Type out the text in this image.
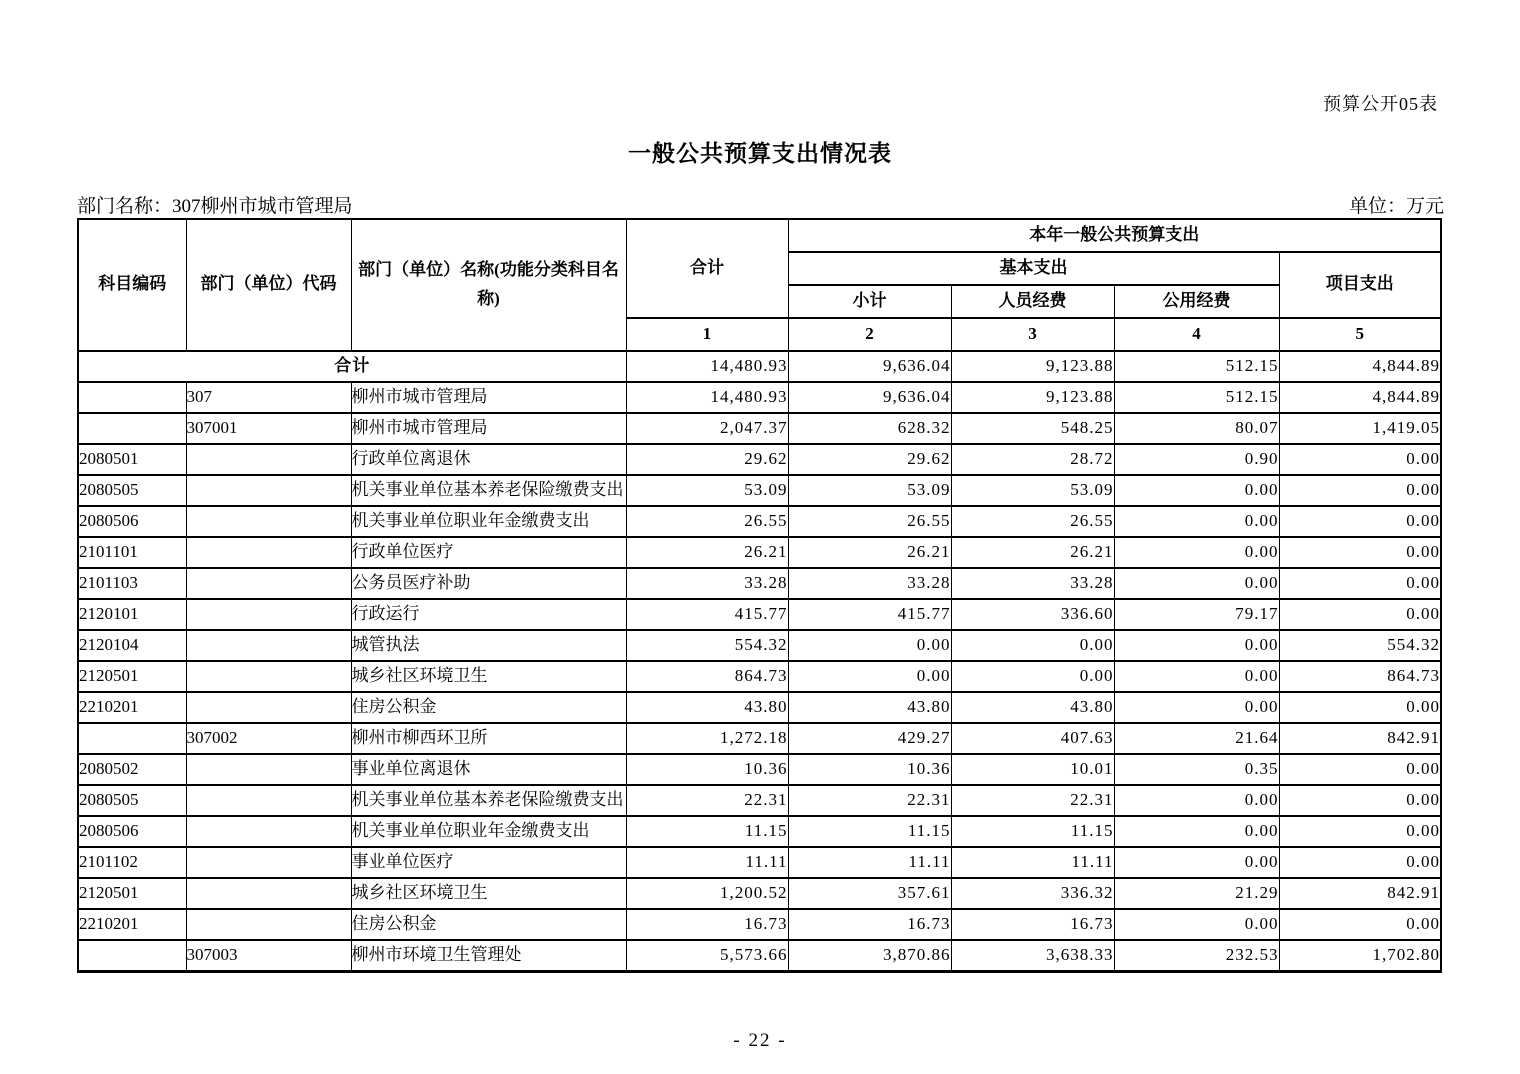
预算公开05表
一般公共预算支出情况表
部门名称：307柳州市城市管理局	单位：万元
科目编码	部门（单位）代码	部门（单位）名称(功能分类科目名称)	合计	本年一般公共预算支出			
				基本支出			项目支出
				小计	人员经费	公用经费	
			1	2	3	4	5
合计			14,480.93	9,636.04	9,123.88	512.15	4,844.89
	307	柳州市城市管理局	14,480.93	9,636.04	9,123.88	512.15	4,844.89
	307001	柳州市城市管理局	2,047.37	628.32	548.25	80.07	1,419.05
2080501		行政单位离退休	29.62	29.62	28.72	0.90	0.00
2080505		机关事业单位基本养老保险缴费支出	53.09	53.09	53.09	0.00	0.00
2080506		机关事业单位职业年金缴费支出	26.55	26.55	26.55	0.00	0.00
2101101		行政单位医疗	26.21	26.21	26.21	0.00	0.00
2101103		公务员医疗补助	33.28	33.28	33.28	0.00	0.00
2120101		行政运行	415.77	415.77	336.60	79.17	0.00
2120104		城管执法	554.32	0.00	0.00	0.00	554.32
2120501		城乡社区环境卫生	864.73	0.00	0.00	0.00	864.73
2210201		住房公积金	43.80	43.80	43.80	0.00	0.00
	307002	柳州市柳西环卫所	1,272.18	429.27	407.63	21.64	842.91
2080502		事业单位离退休	10.36	10.36	10.01	0.35	0.00
2080505		机关事业单位基本养老保险缴费支出	22.31	22.31	22.31	0.00	0.00
2080506		机关事业单位职业年金缴费支出	11.15	11.15	11.15	0.00	0.00
2101102		事业单位医疗	11.11	11.11	11.11	0.00	0.00
2120501		城乡社区环境卫生	1,200.52	357.61	336.32	21.29	842.91
2210201		住房公积金	16.73	16.73	16.73	0.00	0.00
	307003	柳州市环境卫生管理处	5,573.66	3,870.86	3,638.33	232.53	1,702.80
- 22 -
